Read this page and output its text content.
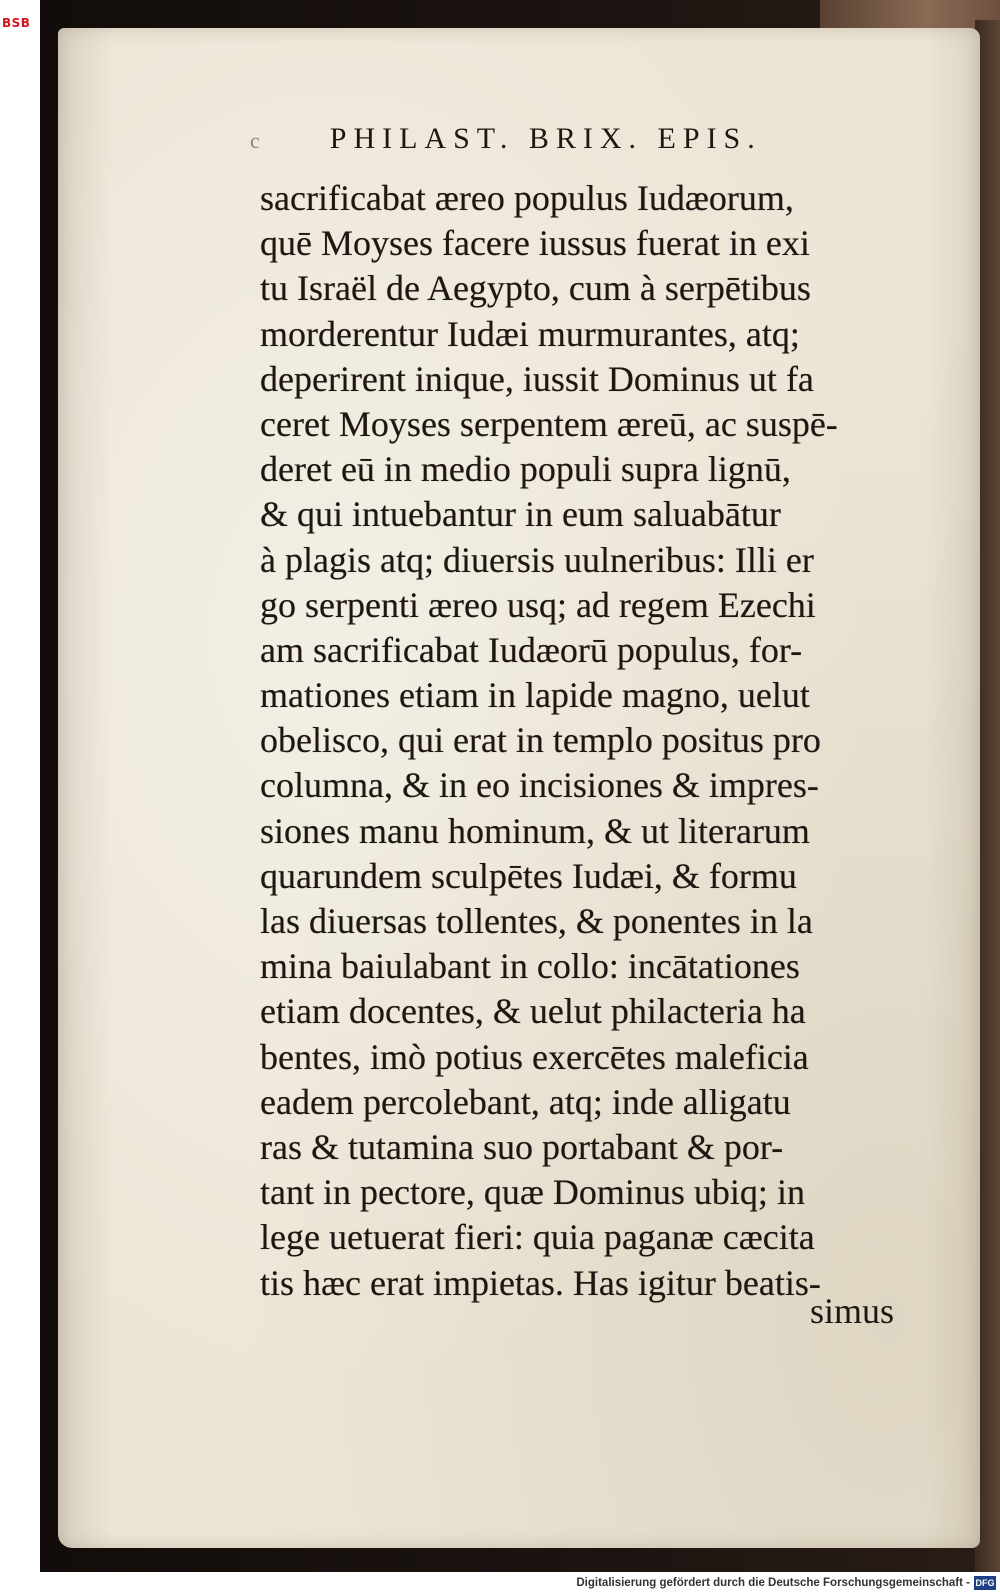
BSB
c PHILAST. BRIX. EPIS.
sacrificabat æreo populus Iudæorum,
quē Moyses facere iussus fuerat in exi
tu Israël de Aegypto, cum à serpētibus
morderentur Iudæi murmurantes, atq;
deperirent inique, iussit Dominus ut fa
ceret Moyses serpentem æreū, ac suspē-
deret eū in medio populi supra lignū,
& qui intuebantur in eum saluabātur
à plagis atq; diuersis uulneribus: Illi er
go serpenti æreo usq; ad regem Ezechi
am sacrificabat Iudæorū populus, for-
mationes etiam in lapide magno, uelut
obelisco, qui erat in templo positus pro
columna, & in eo incisiones & impres-
siones manu hominum, & ut literarum
quarundem sculpētes Iudæi, & formu
las diuersas tollentes, & ponentes in la
mina baiulabant in collo: incātationes
etiam docentes, & uelut philacteria ha
bentes, imò potius exercētes maleficia
eadem percolebant, atq; inde alligatu
ras & tutamina suo portabant & por-
tant in pectore, quæ Dominus ubiq; in
lege uetuerat fieri: quia paganæ cæcita
tis hæc erat impietas. Has igitur beatis-
simus
Digitalisierung gefördert durch die Deutsche Forschungsgemeinschaft - DFG
